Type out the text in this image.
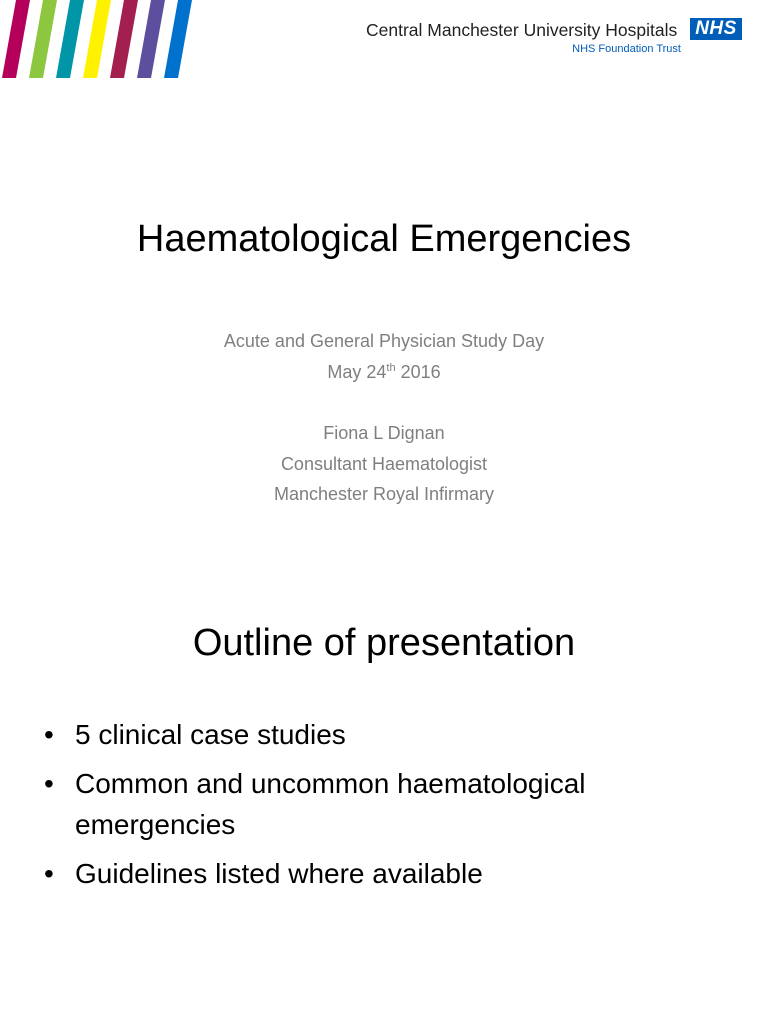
Central Manchester University Hospitals NHS
NHS Foundation Trust
Haematological Emergencies
Acute and General Physician Study Day
May 24th 2016
Fiona L Dignan
Consultant Haematologist
Manchester Royal Infirmary
Outline of presentation
• 5 clinical case studies
• Common and uncommon haematological emergencies
• Guidelines listed where available
